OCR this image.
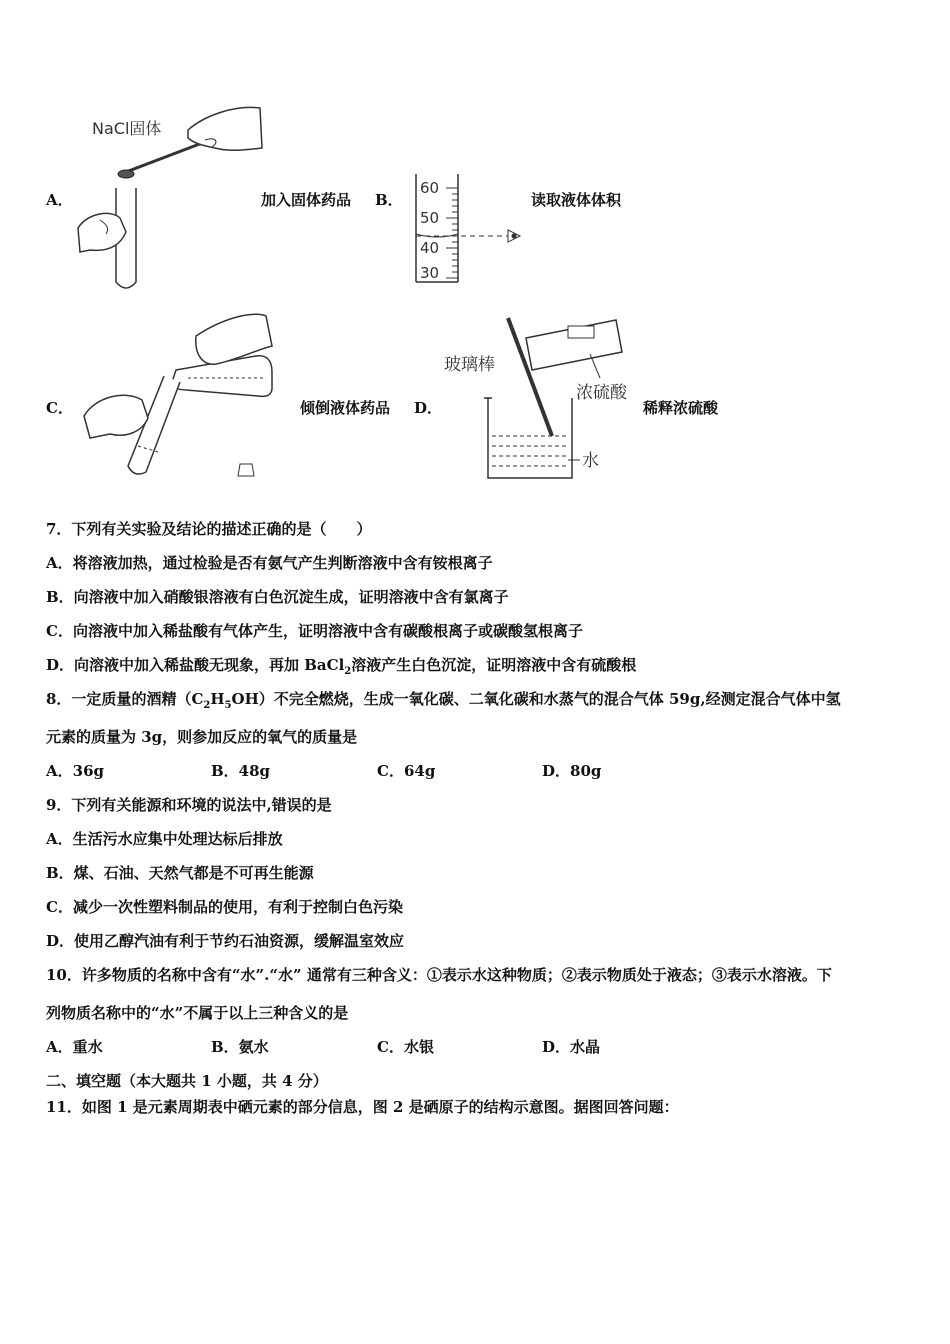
A．
NaCl固体
加入固体药品 B．
60
50
40
30
读取液体体积
C．	倾倒液体药品 D．
玻璃棒
浓硫酸
水
稀释浓硫酸
7．下列有关实验及结论的描述正确的是（　　）
A．将溶液加热，通过检验是否有氨气产生判断溶液中含有铵根离子
B．向溶液中加入硝酸银溶液有白色沉淀生成，证明溶液中含有氯离子
C．向溶液中加入稀盐酸有气体产生，证明溶液中含有碳酸根离子或碳酸氢根离子
D．向溶液中加入稀盐酸无现象，再加 BaCl$_2$溶液产生白色沉淀，证明溶液中含有硫酸根
8．一定质量的酒精$(C_2H_5OH)$不完全燃烧，生成一氧化碳、二氧化碳和水蒸气的混合气体 59g,经测定混合气体中氢
元素的质量为 3g，则参加反应的氧气的质量是
A．36g	B．48g	C．64g	D．80g
9．下列有关能源和环境的说法中,错误的是
A．生活污水应集中处理达标后排放
B．煤、石油、天然气都是不可再生能源
C．减少一次性塑料制品的使用，有利于控制白色污染
D．使用乙醇汽油有利于节约石油资源，缓解温室效应
10．许多物质的名称中含有“水”.“水” 通常有三种含义：①表示水这种物质；②表示物质处于液态；③表示水溶液。下
列物质名称中的“水”不属于以上三种含义的是
A．重水	B．氨水	C．水银	D．水晶
二、填空题（本大题共 1 小题，共 4 分）
11．如图 1 是元素周期表中硒元素的部分信息，图 2 是硒原子的结构示意图。据图回答问题：
